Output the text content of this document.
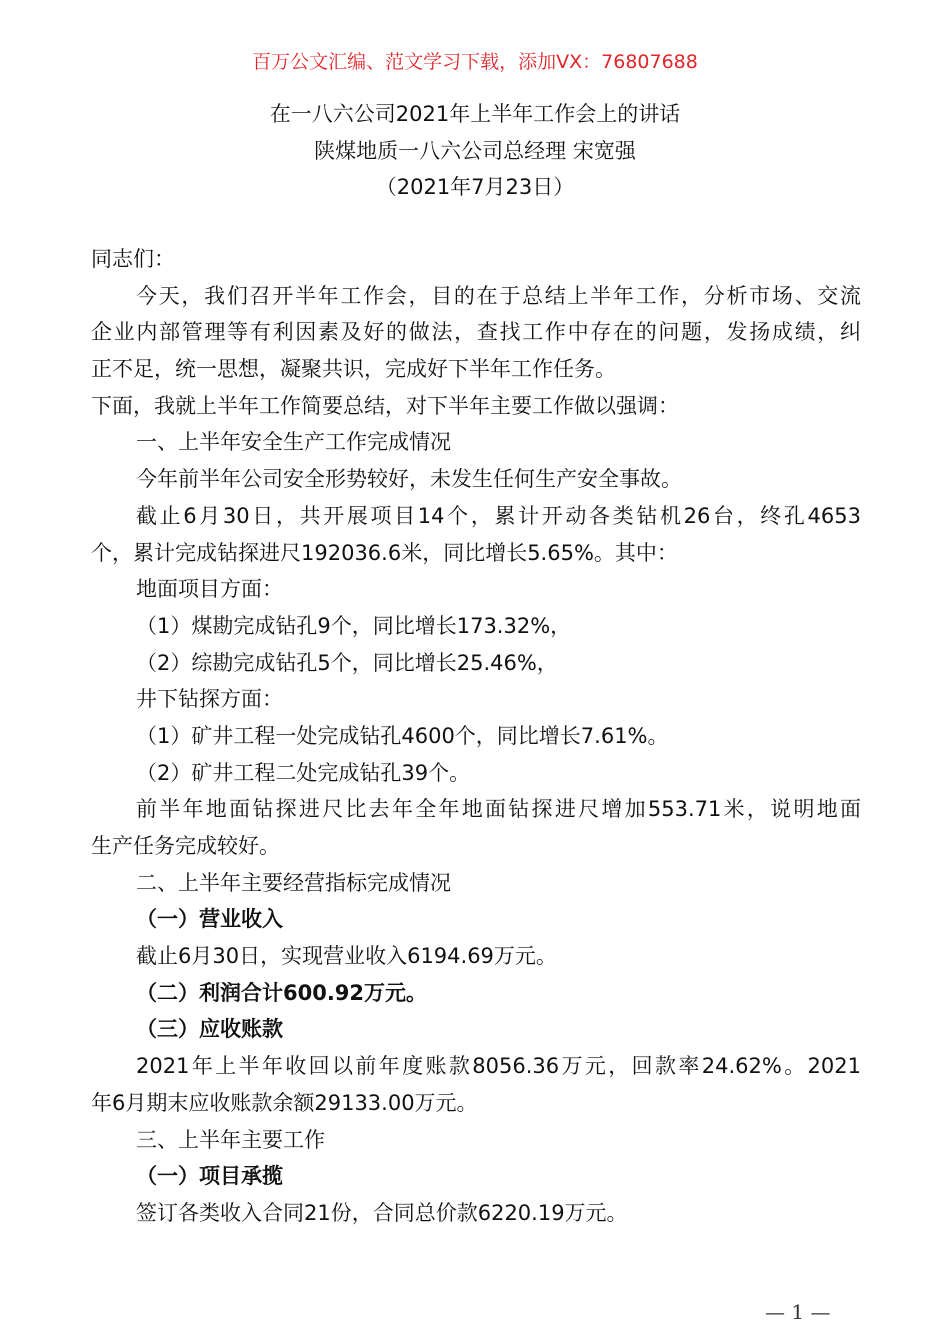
百万公文汇编、范文学习下载，添加VX：76807688
在一八六公司2021年上半年工作会上的讲话
陕煤地质一八六公司总经理 宋宽强
（2021年7月23日）
同志们：
今天，我们召开半年工作会，目的在于总结上半年工作，分析市场、交流
企业内部管理等有利因素及好的做法，查找工作中存在的问题，发扬成绩，纠
正不足，统一思想，凝聚共识，完成好下半年工作任务。
下面，我就上半年工作简要总结，对下半年主要工作做以强调：
一、上半年安全生产工作完成情况
今年前半年公司安全形势较好，未发生任何生产安全事故。
截止6月30日，共开展项目14个，累计开动各类钻机26台，终孔4653
个，累计完成钻探进尺192036.6米，同比增长5.65%。其中：
地面项目方面：
（1）煤勘完成钻孔9个，同比增长173.32%，
（2）综勘完成钻孔5个，同比增长25.46%，
井下钻探方面：
（1）矿井工程一处完成钻孔4600个，同比增长7.61%。
（2）矿井工程二处完成钻孔39个。
前半年地面钻探进尺比去年全年地面钻探进尺增加553.71米，说明地面
生产任务完成较好。
二、上半年主要经营指标完成情况
（一）营业收入
截止6月30日，实现营业收入6194.69万元。
（二）利润合计600.92万元。
（三）应收账款
2021年上半年收回以前年度账款8056.36万元，回款率24.62%。2021
年6月期末应收账款余额29133.00万元。
三、上半年主要工作
（一）项目承揽
签订各类收入合同21份，合同总价款6220.19万元。
— 1 —
